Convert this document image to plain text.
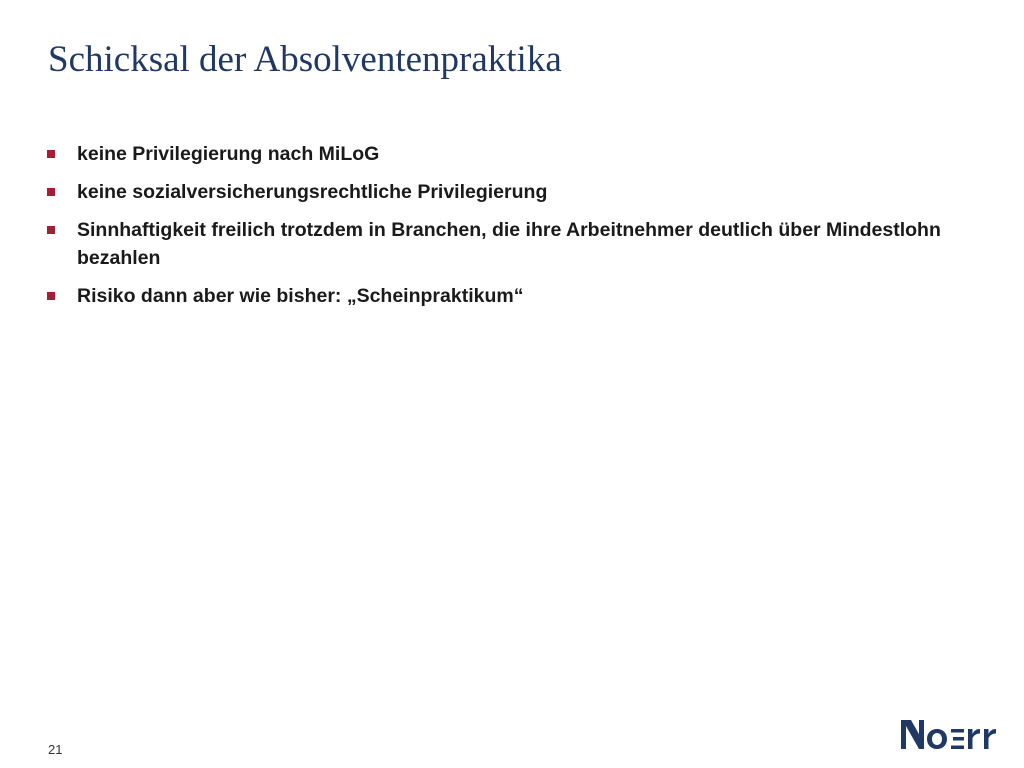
Schicksal der Absolventenpraktika
keine Privilegierung nach MiLoG
keine sozialversicherungsrechtliche Privilegierung
Sinnhaftigkeit freilich trotzdem in Branchen, die ihre Arbeitnehmer deutlich über Mindestlohn bezahlen
Risiko dann aber wie bisher: „Scheinpraktikum“
21
